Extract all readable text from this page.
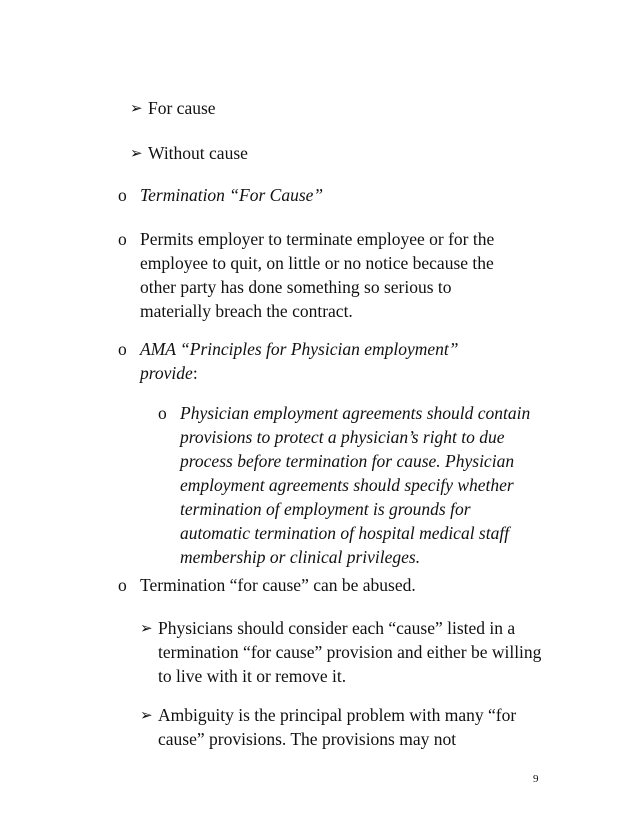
➢ For cause
➢ Without cause
o Termination “For Cause”
o Permits employer to terminate employee or for the employee to quit, on little or no notice because the other party has done something so serious to materially breach the contract.
o AMA “Principles for Physician employment” provide:
o Physician employment agreements should contain provisions to protect a physician’s right to due process before termination for cause. Physician employment agreements should specify whether termination of employment is grounds for automatic termination of hospital medical staff membership or clinical privileges.
o Termination “for cause” can be abused.
➢ Physicians should consider each “cause” listed in a termination “for cause” provision and either be willing to live with it or remove it.
➢ Ambiguity is the principal problem with many “for cause” provisions. The provisions may not
9
